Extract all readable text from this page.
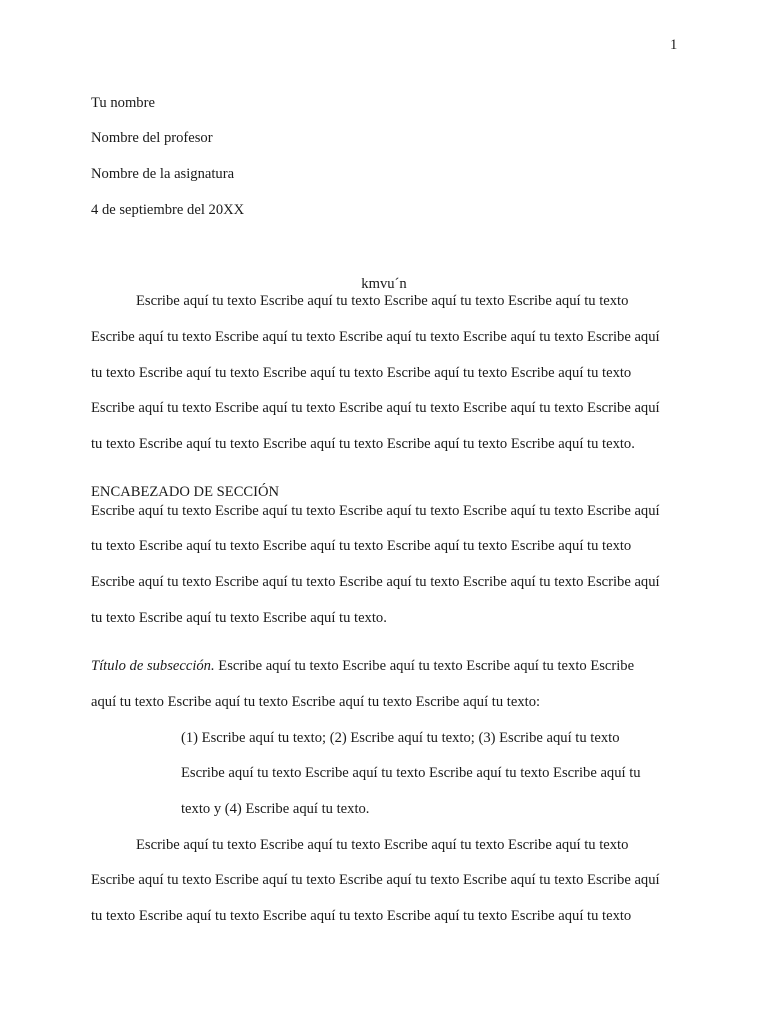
1
Tu nombre
Nombre del profesor
Nombre de la asignatura
4 de septiembre del 20XX
kmvu´n
Escribe aquí tu texto Escribe aquí tu texto Escribe aquí tu texto Escribe aquí tu texto
Escribe aquí tu texto Escribe aquí tu texto Escribe aquí tu texto Escribe aquí tu texto Escribe aquí
tu texto Escribe aquí tu texto Escribe aquí tu texto Escribe aquí tu texto Escribe aquí tu texto
Escribe aquí tu texto Escribe aquí tu texto Escribe aquí tu texto Escribe aquí tu texto Escribe aquí
tu texto Escribe aquí tu texto Escribe aquí tu texto Escribe aquí tu texto Escribe aquí tu texto.
ENCABEZADO DE SECCIÓN
Escribe aquí tu texto Escribe aquí tu texto Escribe aquí tu texto Escribe aquí tu texto Escribe aquí
tu texto Escribe aquí tu texto Escribe aquí tu texto Escribe aquí tu texto Escribe aquí tu texto
Escribe aquí tu texto Escribe aquí tu texto Escribe aquí tu texto Escribe aquí tu texto Escribe aquí
tu texto Escribe aquí tu texto Escribe aquí tu texto.
Título de subsección. Escribe aquí tu texto Escribe aquí tu texto Escribe aquí tu texto Escribe
aquí tu texto Escribe aquí tu texto Escribe aquí tu texto Escribe aquí tu texto:
(1) Escribe aquí tu texto; (2) Escribe aquí tu texto; (3) Escribe aquí tu texto
Escribe aquí tu texto Escribe aquí tu texto Escribe aquí tu texto Escribe aquí tu
texto y (4) Escribe aquí tu texto.
Escribe aquí tu texto Escribe aquí tu texto Escribe aquí tu texto Escribe aquí tu texto
Escribe aquí tu texto Escribe aquí tu texto Escribe aquí tu texto Escribe aquí tu texto Escribe aquí
tu texto Escribe aquí tu texto Escribe aquí tu texto Escribe aquí tu texto Escribe aquí tu texto
